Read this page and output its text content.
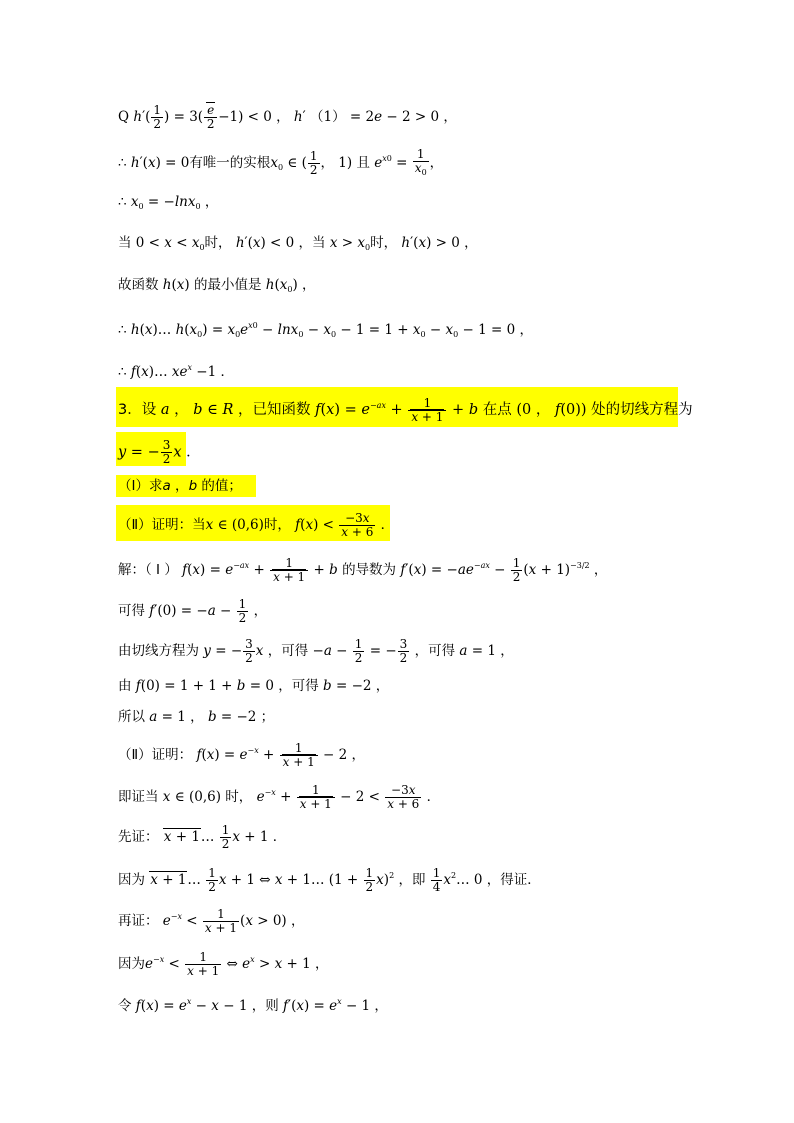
Q $h'( \frac{1}{2}$ ) = $3( \frac{e}{2} -1) < 0$ ， h′ （1） = 2e − 2 > 0 ，
∴ h′(x) = 0有唯一的实根$x_0$ ∈ ( $\frac{1}{2}$ ， 1) 且 $e^{x0} = \frac{1}{x_0}$ ，
∴ $x_0 = -\ln x_0$ ，
当 $0 < x < x_0$时， h′(x) < 0 ，当 $x > x_0$时， h′(x) > 0 ，
故函数 h(x) 的最小值是 $h(x_0)$ ，
∴ h(x)… $h(x_0) = x_0e^{x0} - \ln x_0 - x_0 - 1 = 1 + x_0 - x_0 - 1 = 0$ ，
∴ f(x)… $xe^x -1$ ．
3．设 a ， b ∈ R ，已知函数 $f(x) = e^{-ax} + \frac{1}{x + 1} + b$ 在点 (0 ， f(0)) 处的切线方程为
y = − $\frac{3}{2}$ x ．
（Ⅰ）求a ，b 的值；
（Ⅱ）证明：当x ∈ (0,6)时， $f(x) < \frac{-3x}{x + 6}$ ．
解：（ Ⅰ ） $f(x) = e^{-ax} + \frac{1}{x + 1} + b$ 的导数为 $f'(x) = -ae^{-ax} - \frac{1}{2} (x + 1)^{-3/2}$ ，
可得 $f'(0) = -a - \frac{1}{2}$ ，
由切线方程为 y = − $\frac{3}{2}$ x ，可得 $-a - \frac{1}{2}$ = − $\frac{3}{2}$ ，可得 a = 1 ，
由 f(0) = 1 + 1 + b = 0 ，可得 b = −2 ，
所以 a = 1 ， b = −2 ；
（Ⅱ）证明： $f(x) = e^{-x} + \frac{1}{x + 1} - 2$ ，
即证当 x ∈ (0,6) 时， $e^{-x} + \frac{1}{x + 1} - 2 < \frac{-3x}{x + 6}$ ．
先证： x + 1… $\frac{1}{2}$ x + 1 ．
因为 x + 1… $\frac{1}{2}$ x + 1 ⇔ x + 1… $(1 + \frac{1}{2} x)^2$ ，即 $\frac{1}{4}$ $x^2\dots$ 0 ，得证．
再证： $e^{-x} < \frac{1}{x + 1} (x > 0)$ ，
因为$e^{-x} < \frac{1}{x + 1}$ ⇔ $e^x > x + 1$ ，
令 $f(x) = e^x - x - 1$ ，则 $f'(x) = e^x - 1$ ，
